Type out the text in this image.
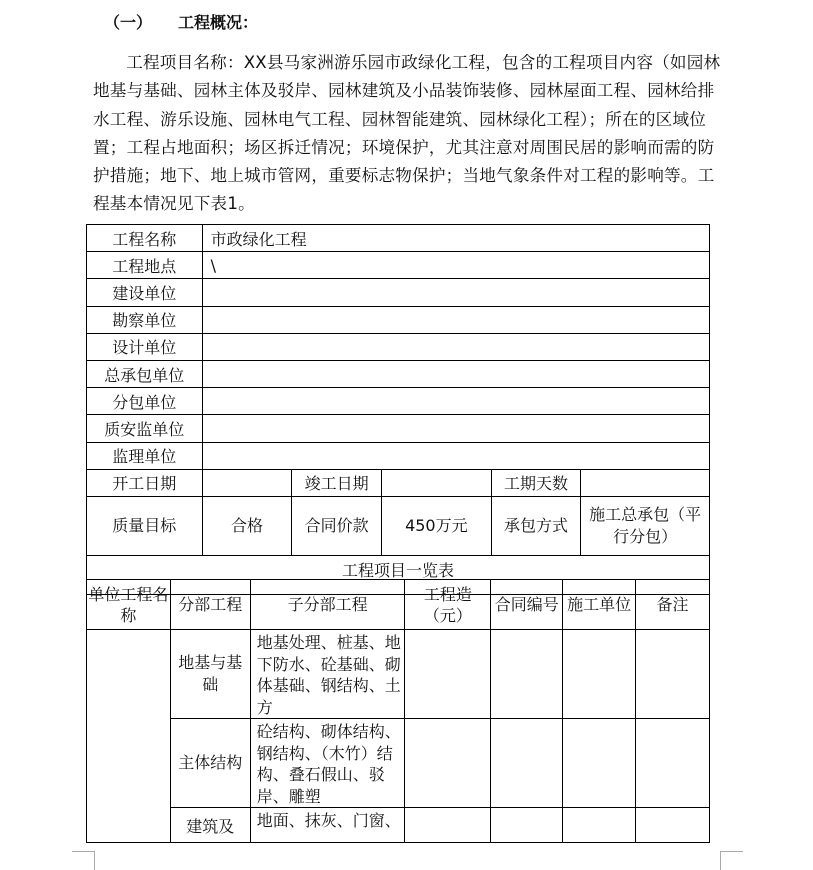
（一） 工程概况：
工程项目名称：XX县马家洲游乐园市政绿化工程，包含的工程项目内容（如园林地基与基础、园林主体及驳岸、园林建筑及小品装饰装修、园林屋面工程、园林给排水工程、游乐设施、园林电气工程、园林智能建筑、园林绿化工程）；所在的区域位置；工程占地面积；场区拆迁情况；环境保护，尤其注意对周围民居的影响而需的防护措施；地下、地上城市管网，重要标志物保护；当地气象条件对工程的影响等。工程基本情况见下表1。
工程名称	市政绿化工程				
工程地点	\				
建设单位					
勘察单位					
设计单位					
总承包单位					
分包单位					
质安监单位					
监理单位					
开工日期		竣工日期		工期天数	
质量目标	合格	合同价款	450万元	承包方式	施工总承包（平行分包）
工程项目一览表					
单位工程名称	分部工程	子分部工程	工程造（元）	合同编号	施工单位	备注
	地基与基础	地基处理、桩基、地下防水、砼基础、砌体基础、钢结构、土方				
	主体结构	砼结构、砌体结构、钢结构、（木竹）结构、叠石假山、驳岸、雕塑				
	建筑及	地面、抹灰、门窗、				
